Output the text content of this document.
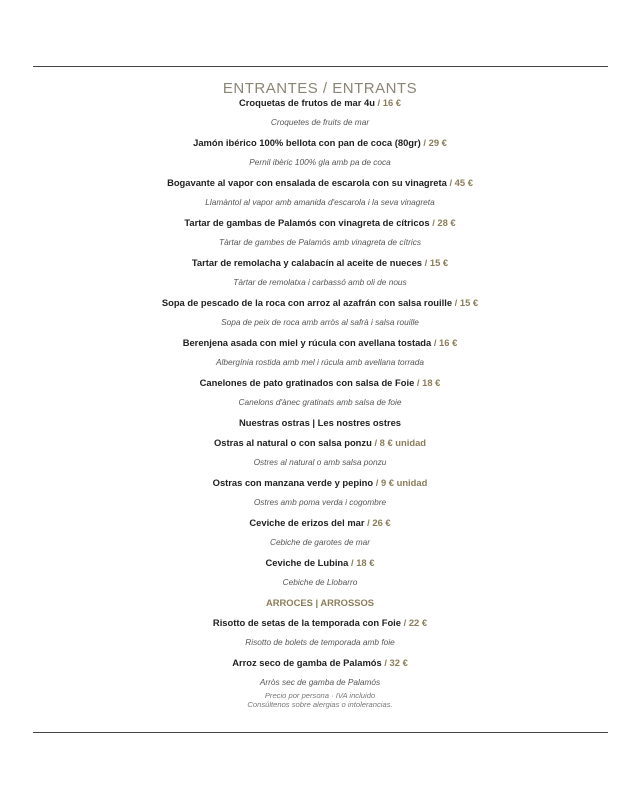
ENTRANTES / ENTRANTS
Croquetas de frutos de mar 4u / 16 €
Croquetes de fruits de mar
Jamón ibérico 100% bellota con pan de coca (80gr) / 29 €
Pernil ibèric 100% gla amb pa de coca
Bogavante al vapor con ensalada de escarola con su vinagreta / 45 €
Llamàntol al vapor amb amanida d'escarola i la seva vinagreta
Tartar de gambas de Palamós con vinagreta de cítricos / 28 €
Tàrtar de gambes de Palamós amb vinagreta de cítrics
Tartar de remolacha y calabacín al aceite de nueces / 15 €
Tàrtar de remolatxa i carbassó amb oli de nous
Sopa de pescado de la roca con arroz al azafrán con salsa rouille / 15 €
Sopa de peix de roca amb arròs al safrà i salsa rouille
Berenjena asada con miel y rúcula con avellana tostada / 16 €
Albergínia rostida amb mel i rúcula amb avellana torrada
Canelones de pato gratinados con salsa de Foie / 18 €
Canelons d'ànec gratinats amb salsa de foie
Nuestras ostras | Les nostres ostres
Ostras al natural o con salsa ponzu / 8 € unidad
Ostres al natural o amb salsa ponzu
Ostras con manzana verde y pepino / 9 € unidad
Ostres amb poma verda i cogombre
Ceviche de erizos del mar / 26 €
Cebiche de garotes de mar
Ceviche de Lubina / 18 €
Cebiche de Llobarro
ARROCES | ARROSSOS
Risotto de setas de la temporada con Foie / 22 €
Risotto de bolets de temporada amb foie
Arroz seco de gamba de Palamós / 32 €
Arròs sec de gamba de Palamós
Precio por persona · IVA incluido
Consúltenos sobre alergias o intolerancias.
